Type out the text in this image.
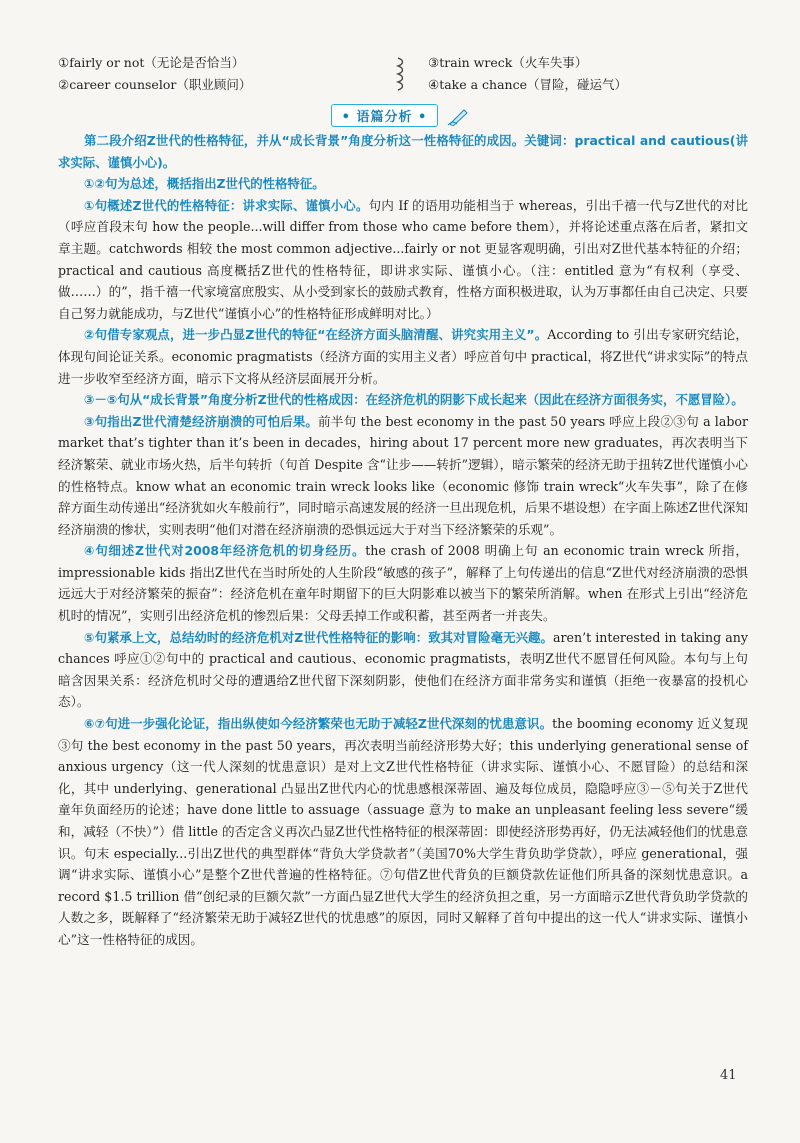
①fairly or not（无论是否恰当）
②career counselor（职业顾问）
③train wreck（火车失事）
④take a chance（冒险，碰运气）
• 语篇分析 •

第二段介绍Z世代的性格特征，并从“成长背景”角度分析这一性格特征的成因。关键词：practical and cautious(讲求实际、谨慎小心)。

①②句为总述，概括指出Z世代的性格特征。

①句概述Z世代的性格特征：讲求实际、谨慎小心。句内 If 的语用功能相当于 whereas，引出千禧一代与Z世代的对比（呼应首段末句 how the people...will differ from those who came before them），并将论述重点落在后者，紧扣文章主题。catchwords 相较 the most common adjective...fairly or not 更显客观明确，引出对Z世代基本特征的介绍；practical and cautious 高度概括Z世代的性格特征，即讲求实际、谨慎小心。（注：entitled 意为“有权利（享受、做……）的”，指千禧一代家境富庶殷实、从小受到家长的鼓励式教育，性格方面积极进取，认为万事都任由自己决定、只要自己努力就能成功，与Z世代“谨慎小心”的性格特征形成鲜明对比。）

②句借专家观点，进一步凸显Z世代的特征“在经济方面头脑清醒、讲究实用主义”。According to 引出专家研究结论，体现句间论证关系。economic pragmatists（经济方面的实用主义者）呼应首句中 practical，将Z世代“讲求实际”的特点进一步收窄至经济方面，暗示下文将从经济层面展开分析。

③－⑤句从“成长背景”角度分析Z世代的性格成因：在经济危机的阴影下成长起来（因此在经济方面很务实，不愿冒险）。

③句指出Z世代清楚经济崩溃的可怕后果。前半句 the best economy in the past 50 years 呼应上段②③句 a labor market that’s tighter than it’s been in decades，hiring about 17 percent more new graduates，再次表明当下经济繁荣、就业市场火热，后半句转折（句首 Despite 含“让步——转折”逻辑），暗示繁荣的经济无助于扭转Z世代谨慎小心的性格特点。know what an economic train wreck looks like（economic 修饰 train wreck“火车失事”，除了在修辞方面生动传递出“经济犹如火车般前行”，同时暗示高速发展的经济一旦出现危机，后果不堪设想）在字面上陈述Z世代深知经济崩溃的惨状，实则表明“他们对潜在经济崩溃的恐惧远远大于对当下经济繁荣的乐观”。

④句细述Z世代对2008年经济危机的切身经历。the crash of 2008 明确上句 an economic train wreck 所指，impressionable kids 指出Z世代在当时所处的人生阶段“敏感的孩子”，解释了上句传递出的信息“Z世代对经济崩溃的恐惧远远大于对经济繁荣的振奋”：经济危机在童年时期留下的巨大阴影难以被当下的繁荣所消解。when 在形式上引出“经济危机时的情况”，实则引出经济危机的惨烈后果：父母丢掉工作或积蓄，甚至两者一并丧失。

⑤句紧承上文，总结幼时的经济危机对Z世代性格特征的影响：致其对冒险毫无兴趣。aren’t interested in taking any chances 呼应①②句中的 practical and cautious、economic pragmatists，表明Z世代不愿冒任何风险。本句与上句暗含因果关系：经济危机时父母的遭遇给Z世代留下深刻阴影，使他们在经济方面非常务实和谨慎（拒绝一夜暴富的投机心态）。

⑥⑦句进一步强化论证，指出纵使如今经济繁荣也无助于减轻Z世代深刻的忧患意识。the booming economy 近义复现③句 the best economy in the past 50 years，再次表明当前经济形势大好；this underlying generational sense of anxious urgency（这一代人深刻的忧患意识）是对上文Z世代性格特征（讲求实际、谨慎小心、不愿冒险）的总结和深化，其中 underlying、generational 凸显出Z世代内心的忧患感根深蒂固、遍及每位成员，隐隐呼应③－⑤句关于Z世代童年负面经历的论述；have done little to assuage（assuage 意为 to make an unpleasant feeling less severe“缓和，减轻（不快）”）借 little 的否定含义再次凸显Z世代性格特征的根深蒂固：即使经济形势再好，仍无法减轻他们的忧患意识。句末 especially...引出Z世代的典型群体“背负大学贷款者”（美国70%大学生背负助学贷款），呼应 generational，强调“讲求实际、谨慎小心”是整个Z世代普遍的性格特征。⑦句借Z世代背负的巨额贷款佐证他们所具备的深刻忧患意识。a record $1.5 trillion 借“创纪录的巨额欠款”一方面凸显Z世代大学生的经济负担之重，另一方面暗示Z世代背负助学贷款的人数之多，既解释了“经济繁荣无助于减轻Z世代的忧患感”的原因，同时又解释了首句中提出的这一代人“讲求实际、谨慎小心”这一性格特征的成因。

41
